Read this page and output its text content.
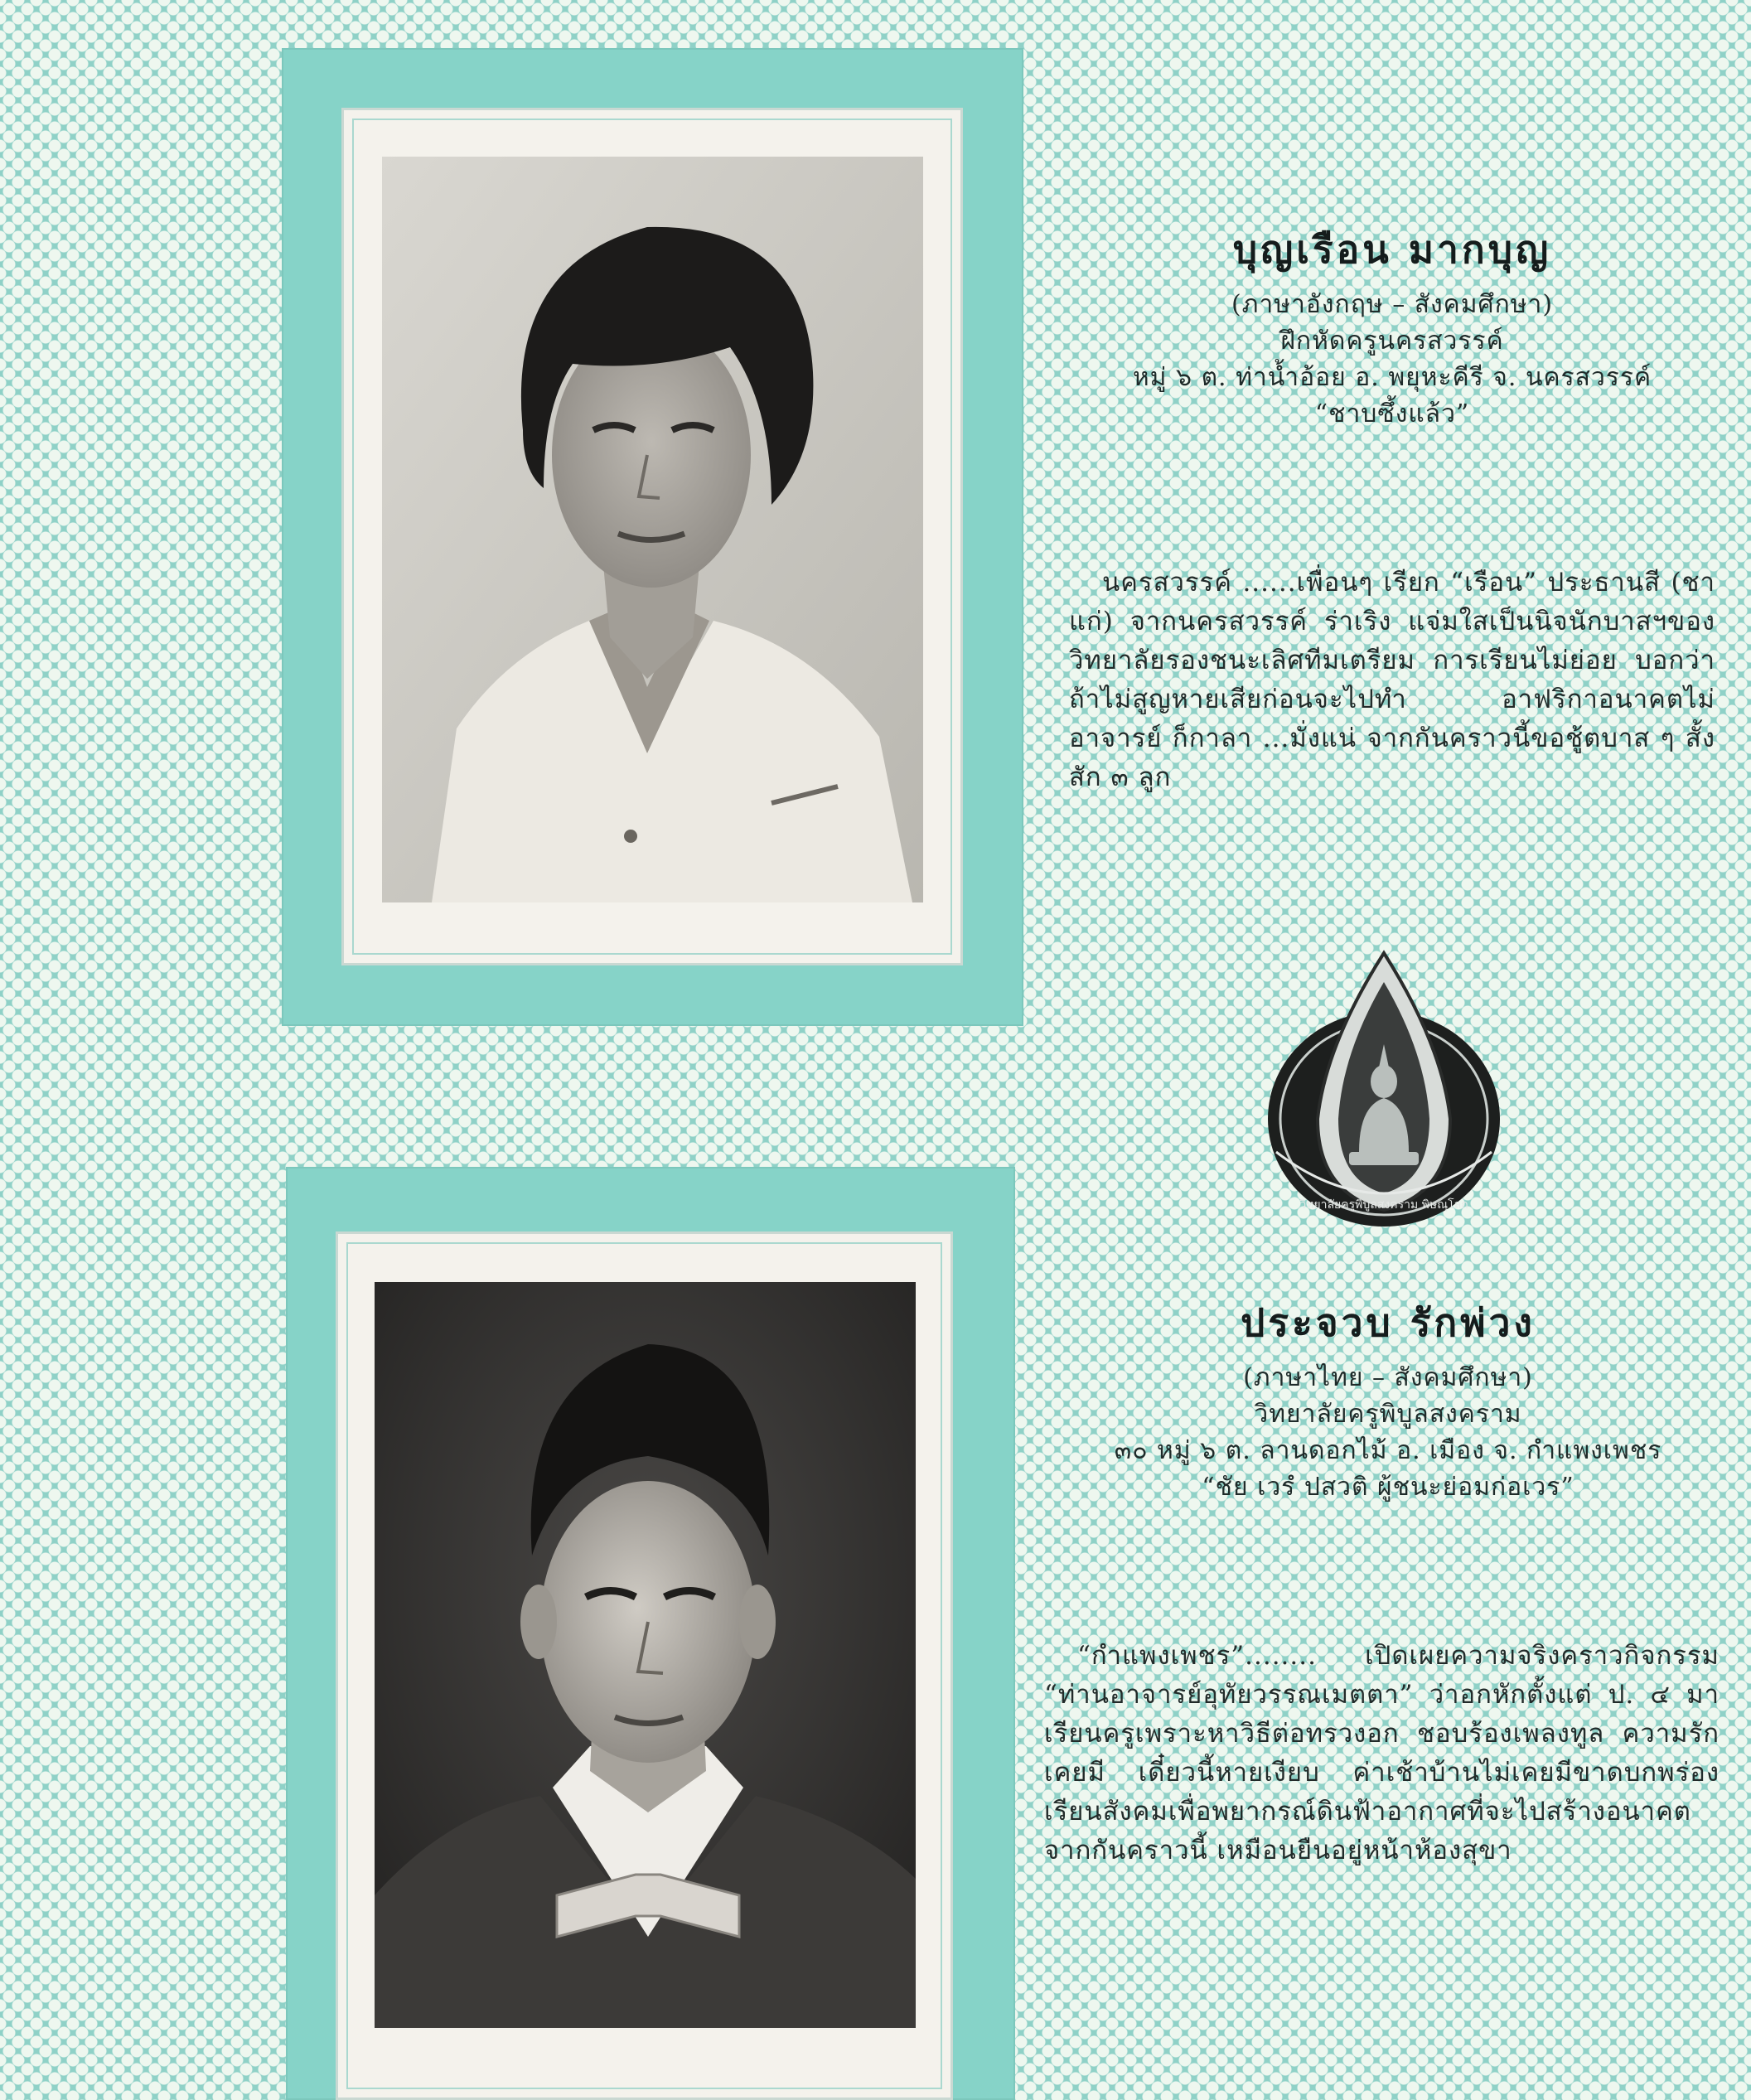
บุญเรือน มากบุญ

(ภาษาอังกฤษ – สังคมศึกษา)

ฝึกหัดครูนครสวรรค์

หมู่ ๖ ต. ท่าน้ำอ้อย อ. พยุหะคีรี จ. นครสวรรค์

“ชาบซึ้งแล้ว”

นครสวรรค์ ......เพื่อนๆ เรียก “เรือน” ประธานสี (ชาแก่) จากนครสวรรค์ ร่าเริง แจ่มใสเป็นนิจนักบาสฯของวิทยาลัยรองชนะเลิศทีมเตรียม การเรียนไม่ย่อย บอกว่าถ้าไม่สูญหายเสียก่อนจะไปทำ อาฟริกาอนาคตไม่อาจารย์ ก็กาลา ...มั่งแน่ จากกันคราวนี้ขอชู้ตบาส ๆ สั้งสัก ๓ ลูก

วิทยาลัยครูพิบูลสงคราม พิษณุโลก

ประจวบ รักพ่วง

(ภาษาไทย – สังคมศึกษา)

วิทยาลัยครูพิบูลสงคราม

๓๐ หมู่ ๖ ต. ลานดอกไม้ อ. เมือง จ. กำแพงเพชร

“ชัย เวรํ ปสวติ ผู้ชนะย่อมก่อเวร”

“กำแพงเพชร”........ เปิดเผยความจริงคราวกิจกรรม “ท่านอาจารย์อุทัยวรรณเมตตา” ว่าอกหักตั้งแต่ ป. ๔ มาเรียนครูเพราะหาวิธีต่อทรวงอก ชอบร้องเพลงทูล ความรักเคยมี เดี๋ยวนี้หายเงียบ ค่าเช้าบ้านไม่เคยมีขาดบกพร่อง เรียนสังคมเพื่อพยากรณ์ดินฟ้าอากาศที่จะไปสร้างอนาคต จากกันคราวนี้ เหมือนยืนอยู่หน้าห้องสุขา
